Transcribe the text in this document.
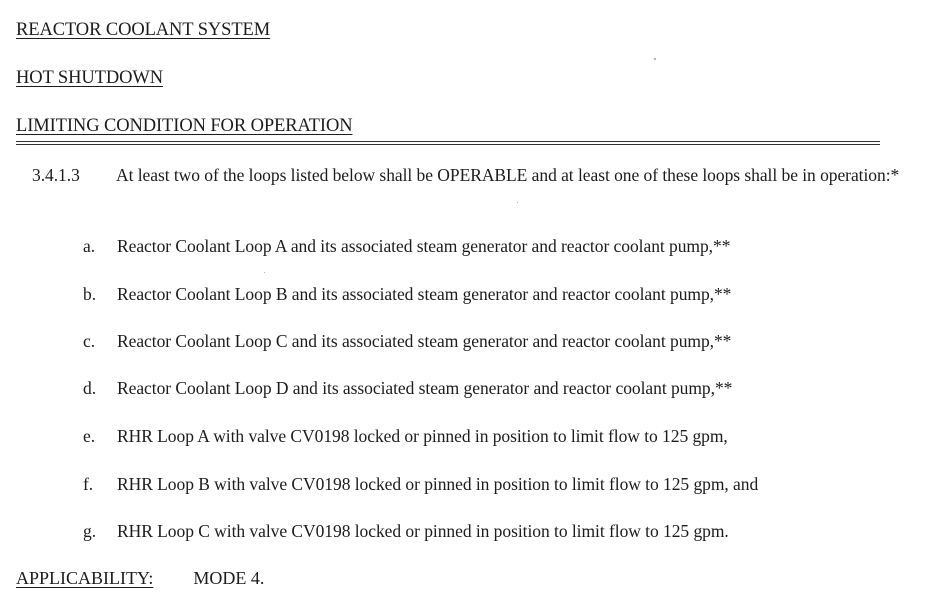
REACTOR COOLANT SYSTEM
HOT SHUTDOWN
LIMITING CONDITION FOR OPERATION
3.4.1.3 At least two of the loops listed below shall be OPERABLE and at least one of these loops shall be in operation:*
a. Reactor Coolant Loop A and its associated steam generator and reactor coolant pump,**
b. Reactor Coolant Loop B and its associated steam generator and reactor coolant pump,**
c. Reactor Coolant Loop C and its associated steam generator and reactor coolant pump,**
d. Reactor Coolant Loop D and its associated steam generator and reactor coolant pump,**
e. RHR Loop A with valve CV0198 locked or pinned in position to limit flow to 125 gpm,
f. RHR Loop B with valve CV0198 locked or pinned in position to limit flow to 125 gpm, and
g. RHR Loop C with valve CV0198 locked or pinned in position to limit flow to 125 gpm.
APPLICABILITY: MODE 4.
